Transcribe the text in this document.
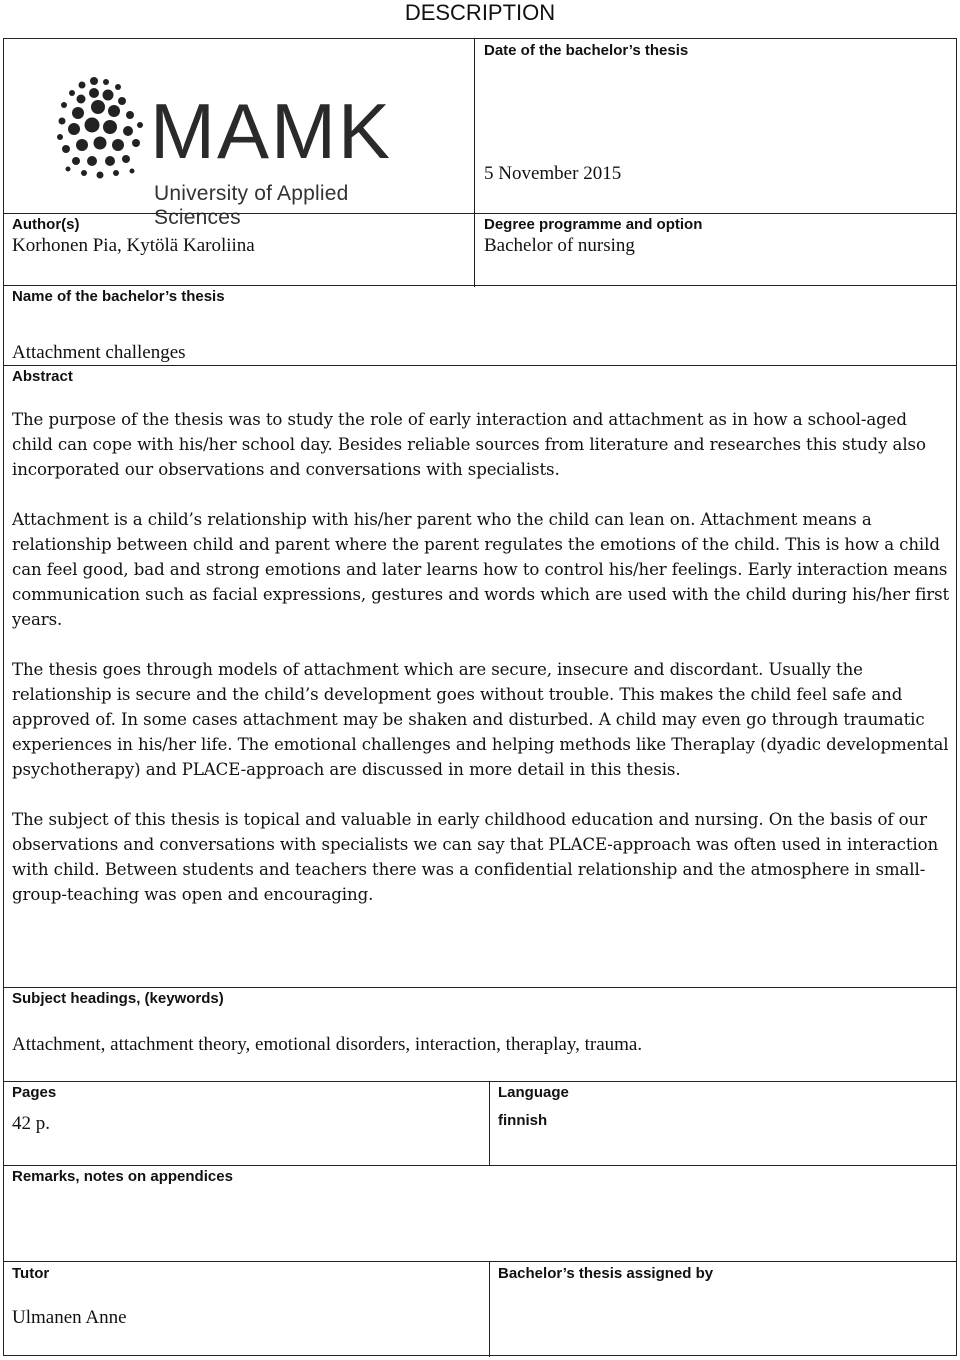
DESCRIPTION
MAMK
University of Applied Sciences
Date of the bachelor’s thesis
5 November 2015
Author(s)
Korhonen Pia, Kytölä Karoliina
Degree programme and option
Bachelor of nursing
Name of the bachelor’s thesis
Attachment challenges
Abstract

The purpose of the thesis was to study the role of early interaction and attachment as in how a school-aged child can cope with his/her school day. Besides reliable sources from literature and researches this study also incorporated our observations and conversations with specialists.

Attachment is a child’s relationship with his/her parent who the child can lean on. Attachment means a relationship between child and parent where the parent regulates the emotions of the child. This is how a child can feel good, bad and strong emotions and later learns how to control his/her feelings. Early interaction means communication such as facial expressions, gestures and words which are used with the child during his/her first years.

The thesis goes through models of attachment which are secure, insecure and discordant. Usually the relationship is secure and the child’s development goes without trouble. This makes the child feel safe and approved of. In some cases attachment may be shaken and disturbed. A child may even go through traumatic experiences in his/her life. The emotional challenges and helping methods like Theraplay (dyadic developmental psychotherapy) and PLACE-approach are discussed in more detail in this thesis.

The subject of this thesis is topical and valuable in early childhood education and nursing. On the basis of our observations and conversations with specialists we can say that PLACE-approach was often used in interaction with child. Between students and teachers there was a confidential relationship and the atmosphere in small-group-teaching was open and encouraging.

Subject headings, (keywords)
Attachment, attachment theory, emotional disorders, interaction, theraplay, trauma.
Pages
42 p.
Language
finnish
Remarks, notes on appendices
Tutor
Ulmanen Anne
Bachelor’s thesis assigned by
